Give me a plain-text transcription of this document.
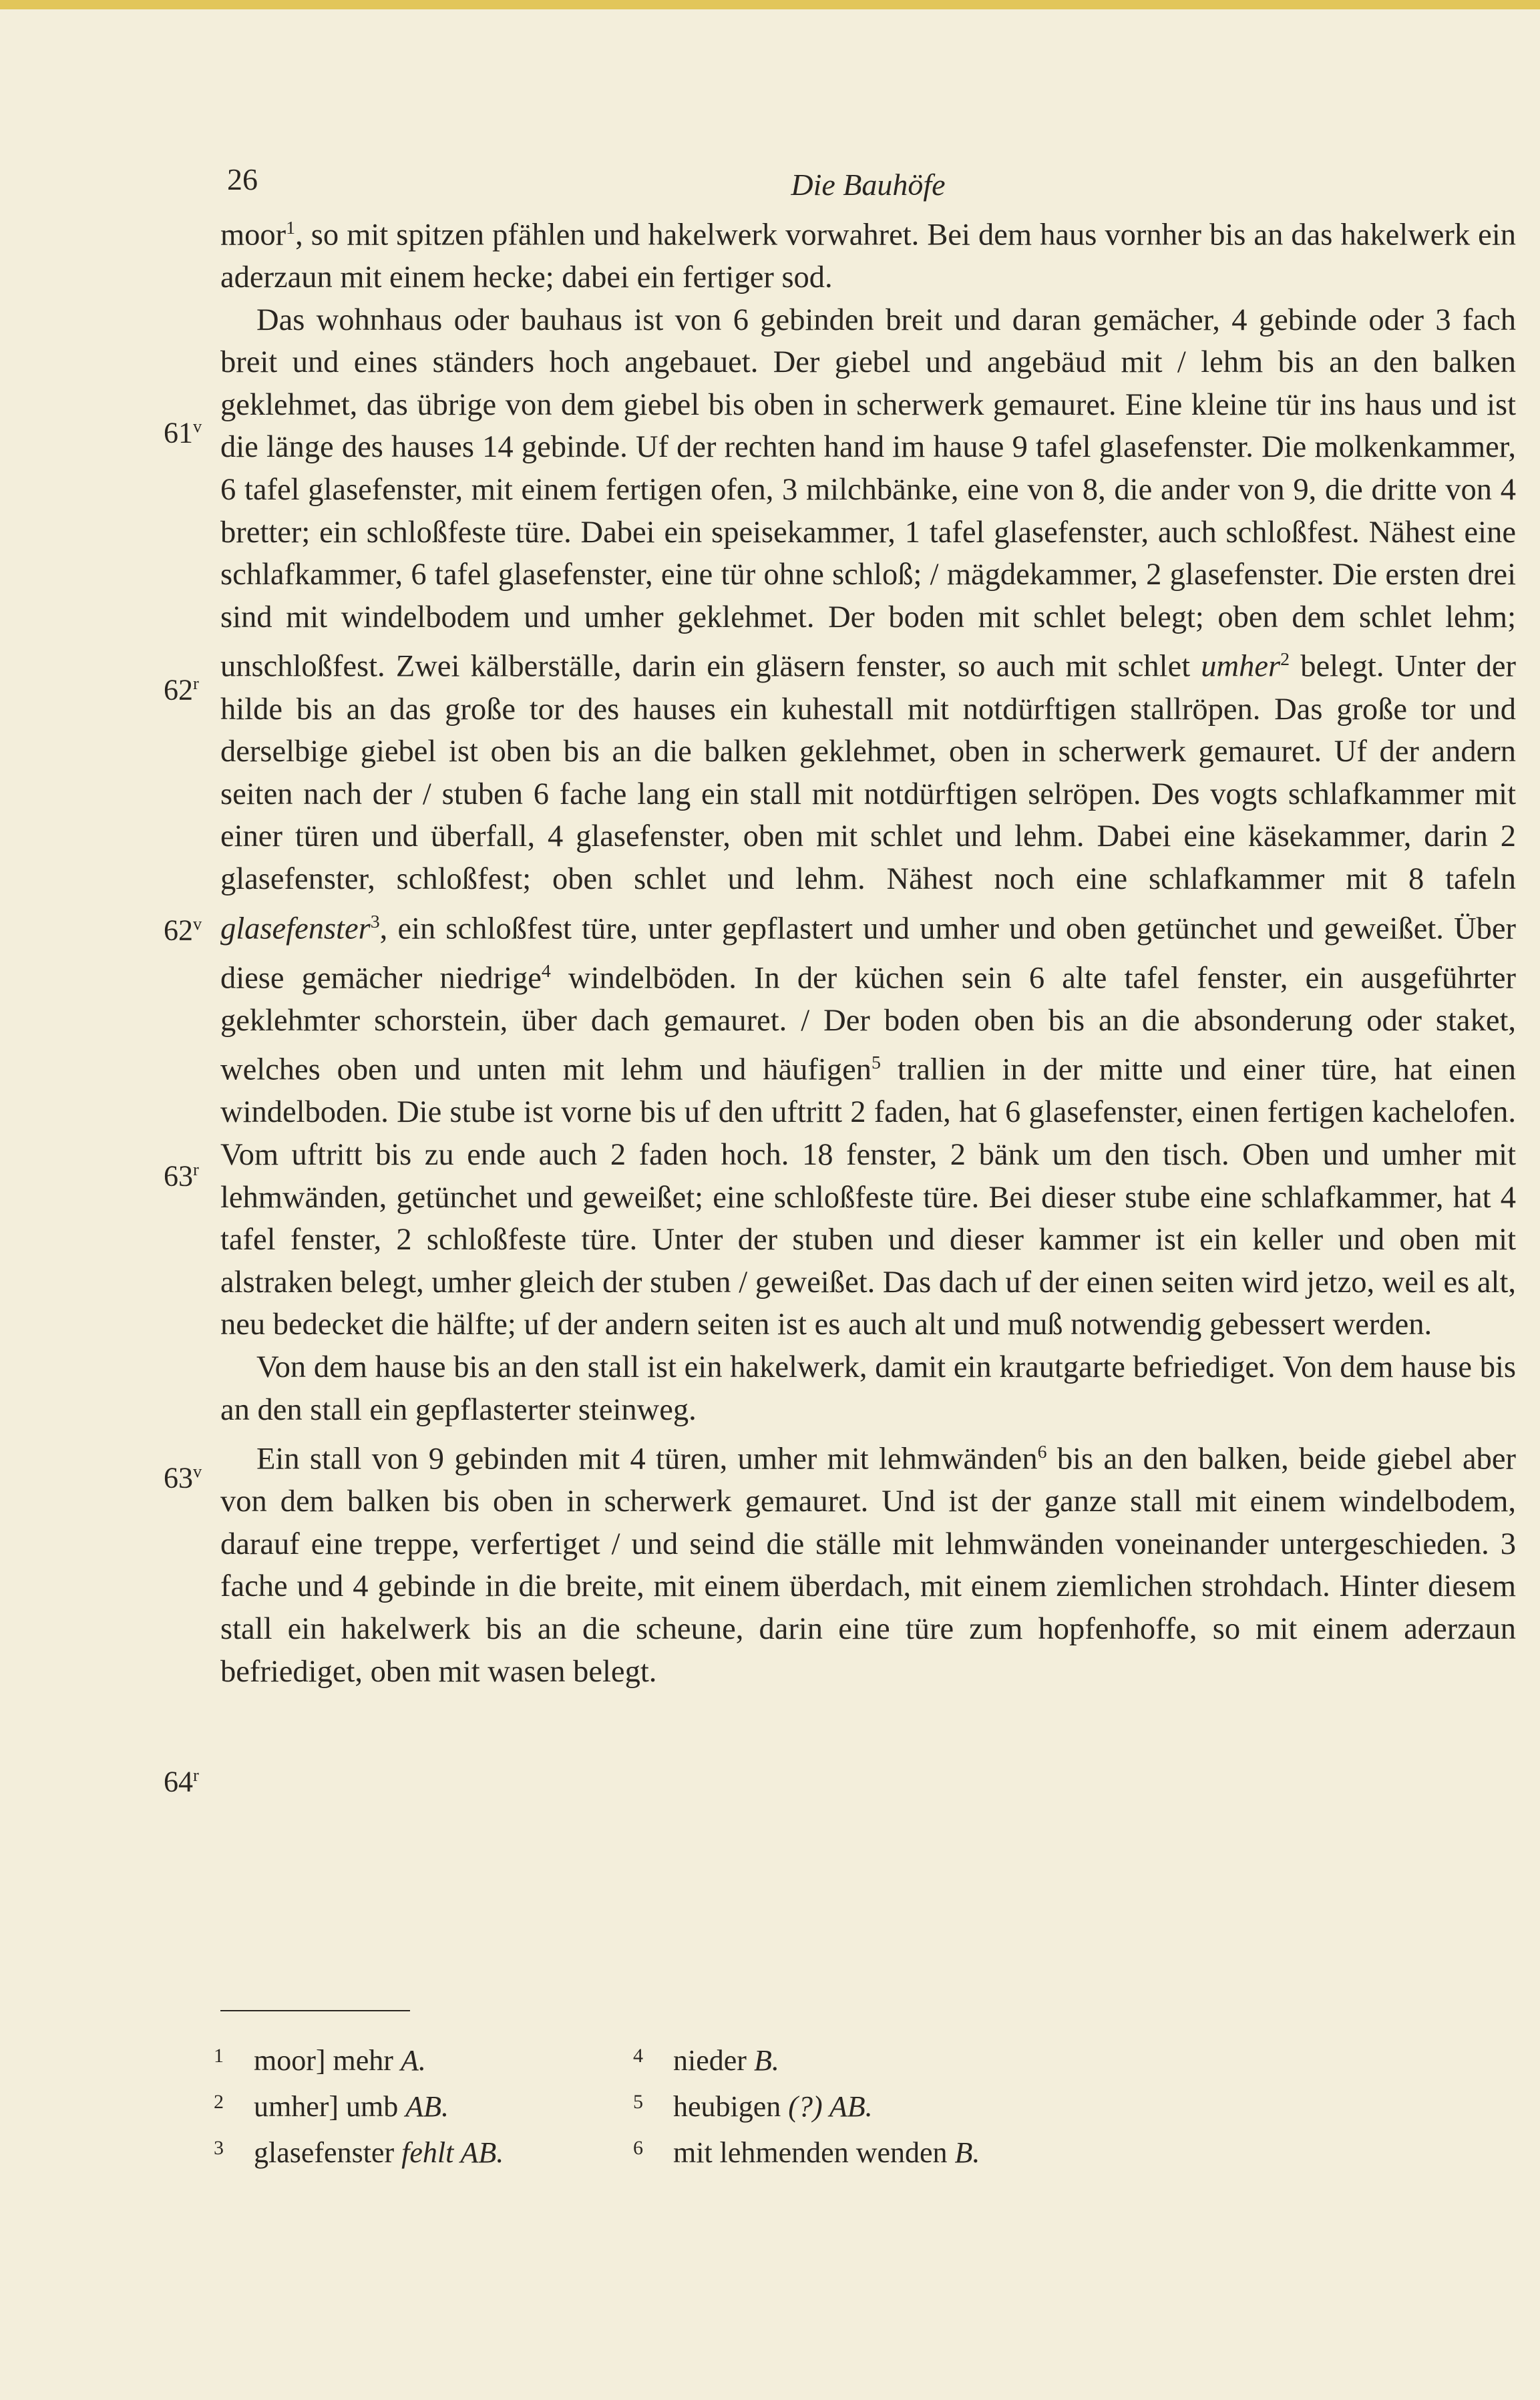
26	Die Bauhöfe

moor$^1$, so mit spitzen pfählen und hakelwerk vorwahret. Bei dem haus vornher bis an das hakelwerk ein aderzaun mit einem hecke; dabei ein fertiger sod.

Das wohnhaus oder bauhaus ist von 6 gebinden breit und daran gemächer, 4 gebinde oder 3 fach breit und eines ständers hoch angebauet. Der giebel und angebäud mit / lehm bis an den balken geklehmet, das übrige von dem giebel bis oben in scherwerk gemauret. Eine kleine tür ins haus und ist die länge des hauses 14 gebinde. Uf der rechten hand im hause 9 tafel glasefenster. Die molkenkammer, 6 tafel glasefenster, mit einem fertigen ofen, 3 milchbänke, eine von 8, die ander von 9, die dritte von 4 bretter; ein schloßfeste türe. Dabei ein speisekammer, 1 tafel glasefenster, auch schloßfest. Nähest eine schlafkammer, 6 tafel glasefenster, eine tür ohne schloß; / mägdekammer, 2 glasefenster. Die ersten drei sind mit windelbodem und umher geklehmet. Der boden mit schlet belegt; oben dem schlet lehm; unschloßfest. Zwei kälberställe, darin ein gläsern fenster, so auch mit schlet umher$^2$ belegt. Unter der hilde bis an das große tor des hauses ein kuhestall mit notdürftigen stallröpen. Das große tor und derselbige giebel ist oben bis an die balken geklehmet, oben in scherwerk gemauret. Uf der andern seiten nach der / stuben 6 fache lang ein stall mit notdürftigen selröpen. Des vogts schlafkammer mit einer türen und überfall, 4 glasefenster, oben mit schlet und lehm. Dabei eine käsekammer, darin 2 glasefenster, schloßfest; oben schlet und lehm. Nähest noch eine schlafkammer mit 8 tafeln glasefenster$^3$, ein schloßfest türe, unter gepflastert und umher und oben getünchet und geweißet. Über diese gemächer niedrige$^4$ windelböden. In der küchen sein 6 alte tafel fenster, ein ausgeführter geklehmter schorstein, über dach gemauret. / Der boden oben bis an die absonderung oder staket, welches oben und unten mit lehm und häufigen$^5$ trallien in der mitte und einer türe, hat einen windelboden. Die stube ist vorne bis uf den uftritt 2 faden, hat 6 glasefenster, einen fertigen kachelofen. Vom uftritt bis zu ende auch 2 faden hoch. 18 fenster, 2 bänk um den tisch. Oben und umher mit lehmwänden, getünchet und geweißet; eine schloßfeste türe. Bei dieser stube eine schlafkammer, hat 4 tafel fenster, 2 schloßfeste türe. Unter der stuben und dieser kammer ist ein keller und oben mit alstraken belegt, umher gleich der stuben / geweißet. Das dach uf der einen seiten wird jetzo, weil es alt, neu bedecket die hälfte; uf der andern seiten ist es auch alt und muß notwendig gebessert werden.

Von dem hause bis an den stall ist ein hakelwerk, damit ein krautgarte befriediget. Von dem hause bis an den stall ein gepflasterter steinweg.

Ein stall von 9 gebinden mit 4 türen, umher mit lehmwänden$^6$ bis an den balken, beide giebel aber von dem balken bis oben in scherwerk gemauret. Und ist der ganze stall mit einem windelbodem, darauf eine treppe, verfertiget / und seind die ställe mit lehmwänden voneinander untergeschieden. 3 fache und 4 gebinde in die breite, mit einem überdach, mit einem ziemlichen strohdach. Hinter diesem stall ein hakelwerk bis an die scheune, darin eine türe zum hopfenhoffe, so mit einem aderzaun befriediget, oben mit wasen belegt.

61$^v$
62$^r$
62$^v$
63$^r$
63$^v$
64$^r$
1 moor] mehr A.
2 umher] umb AB.
3 glasefenster fehlt AB.
4 nieder B.
5 heubigen (?) AB.
6 mit lehmenden wenden B.
